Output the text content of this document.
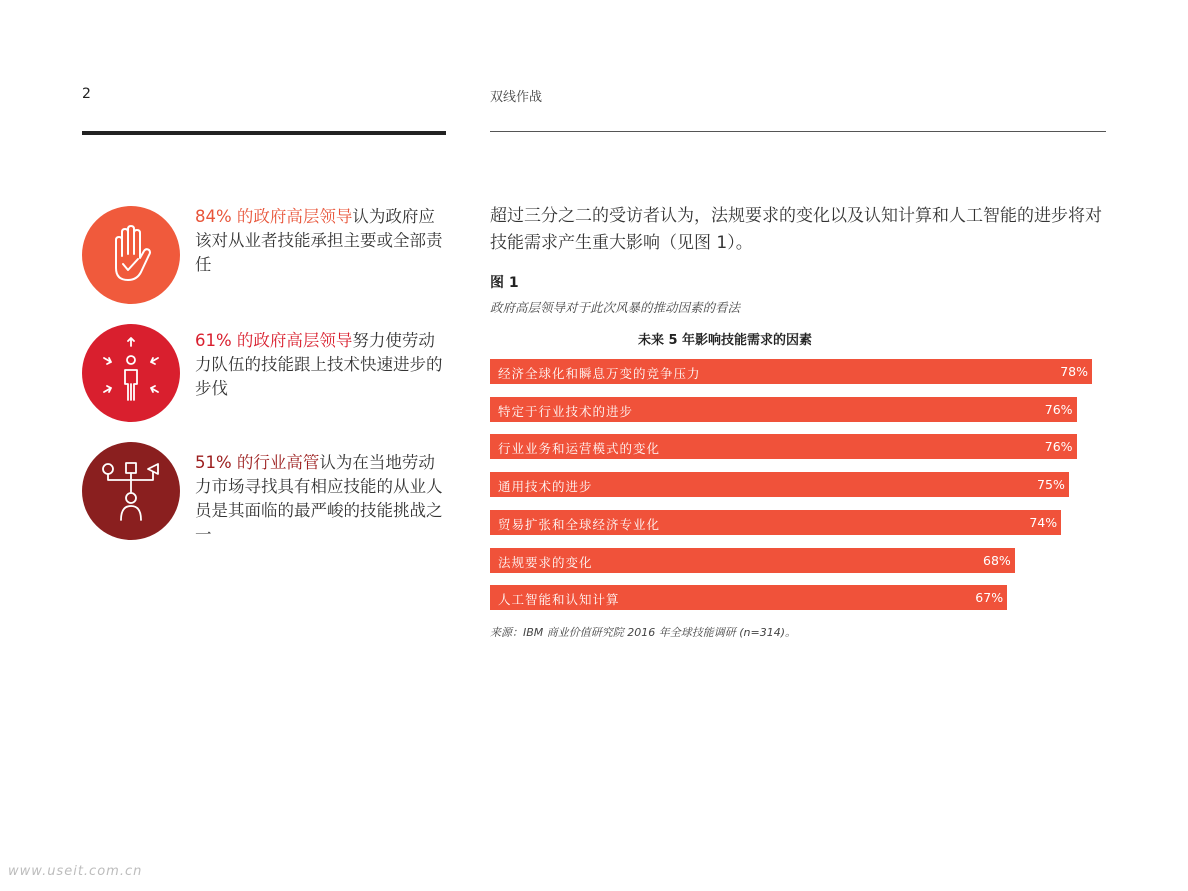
2	双线作战
84% 的政府高层领导认为政府应该对从业者技能承担主要或全部责任
61% 的政府高层领导努力使劳动力队伍的技能跟上技术快速进步的步伐
51% 的行业高管认为在当地劳动力市场寻找具有相应技能的从业人员是其面临的最严峻的技能挑战之一
超过三分之二的受访者认为，法规要求的变化以及认知计算和人工智能的进步将对技能需求产生重大影响（见图 1）。
图 1
政府高层领导对于此次风暴的推动因素的看法
未来 5 年影响技能需求的因素
经济全球化和瞬息万变的竞争压力	78%
特定于行业技术的进步	76%
行业业务和运营模式的变化	76%
通用技术的进步	75%
贸易扩张和全球经济专业化	74%
法规要求的变化	68%
人工智能和认知计算	67%
来源：IBM 商业价值研究院 2016 年全球技能调研 (n=314)。
www.useit.com.cn
